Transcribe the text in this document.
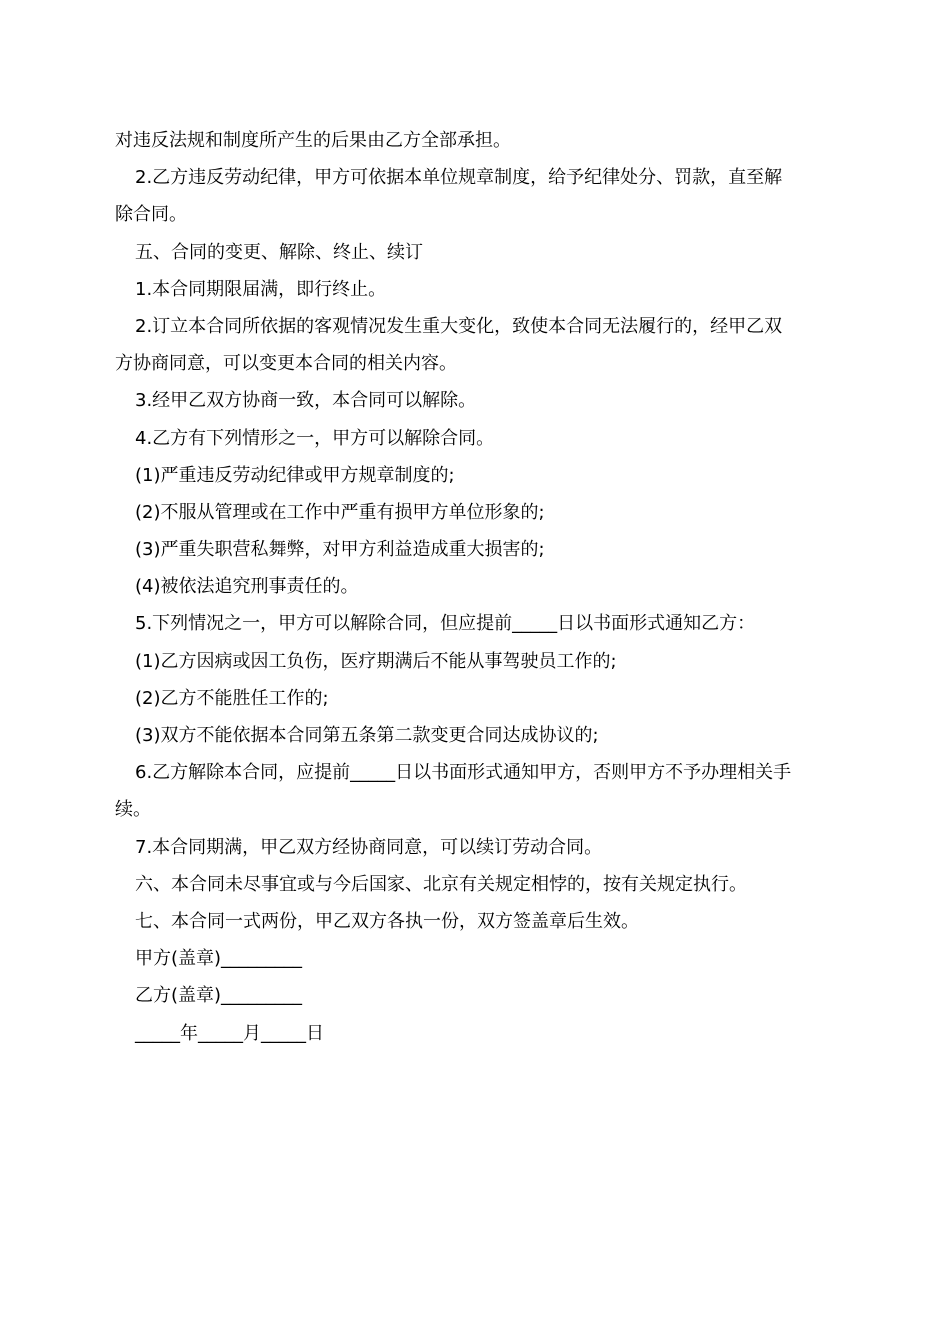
对违反法规和制度所产生的后果由乙方全部承担。
2.乙方违反劳动纪律，甲方可依据本单位规章制度，给予纪律处分、罚款，直至解
除合同。
五、合同的变更、解除、终止、续订
1.本合同期限届满，即行终止。
2.订立本合同所依据的客观情况发生重大变化，致使本合同无法履行的，经甲乙双
方协商同意，可以变更本合同的相关内容。
3.经甲乙双方协商一致，本合同可以解除。
4.乙方有下列情形之一，甲方可以解除合同。
(1)严重违反劳动纪律或甲方规章制度的;
(2)不服从管理或在工作中严重有损甲方单位形象的;
(3)严重失职营私舞弊，对甲方利益造成重大损害的;
(4)被依法追究刑事责任的。
5.下列情况之一，甲方可以解除合同，但应提前_____日以书面形式通知乙方：
(1)乙方因病或因工负伤，医疗期满后不能从事驾驶员工作的;
(2)乙方不能胜任工作的;
(3)双方不能依据本合同第五条第二款变更合同达成协议的;
6.乙方解除本合同，应提前_____日以书面形式通知甲方，否则甲方不予办理相关手
续。
7.本合同期满，甲乙双方经协商同意，可以续订劳动合同。
六、本合同未尽事宜或与今后国家、北京有关规定相悖的，按有关规定执行。
七、本合同一式两份，甲乙双方各执一份，双方签盖章后生效。
甲方(盖章)_________
乙方(盖章)_________
_____年_____月_____日
